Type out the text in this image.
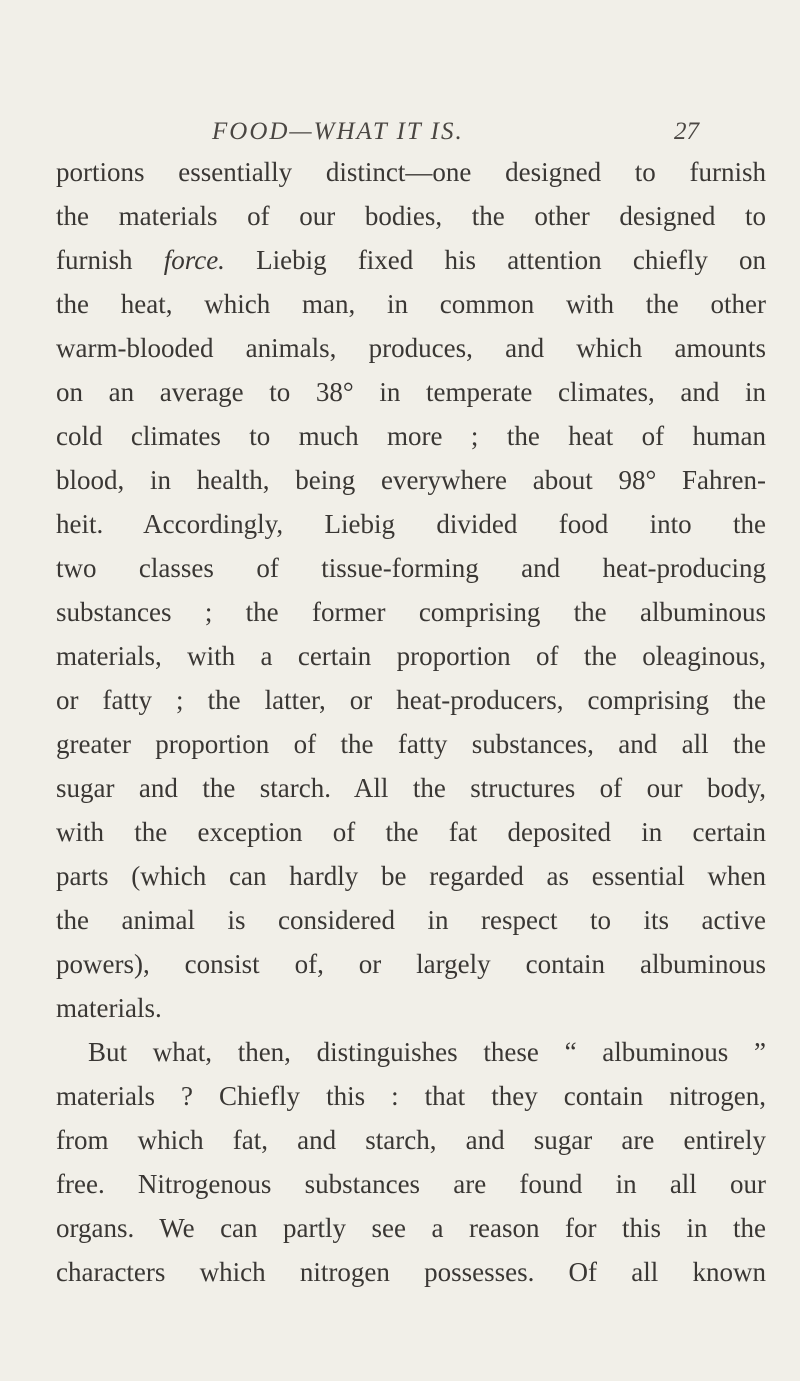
FOOD—WHAT IT IS.	27
portions essentially distinct—one designed to furnish
the materials of our bodies, the other designed to
furnish force. Liebig fixed his attention chiefly on
the heat, which man, in common with the other
warm-blooded animals, produces, and which amounts
on an average to 38° in temperate climates, and in
cold climates to much more ; the heat of human
blood, in health, being everywhere about 98° Fahren-
heit. Accordingly, Liebig divided food into the
two classes of tissue-forming and heat-producing
substances ; the former comprising the albuminous
materials, with a certain proportion of the oleaginous,
or fatty ; the latter, or heat-producers, comprising the
greater proportion of the fatty substances, and all the
sugar and the starch. All the structures of our body,
with the exception of the fat deposited in certain
parts (which can hardly be regarded as essential when
the animal is considered in respect to its active
powers), consist of, or largely contain albuminous
materials.
But what, then, distinguishes these “ albuminous ”
materials ? Chiefly this : that they contain nitrogen,
from which fat, and starch, and sugar are entirely
free. Nitrogenous substances are found in all our
organs. We can partly see a reason for this in the
characters which nitrogen possesses. Of all known
